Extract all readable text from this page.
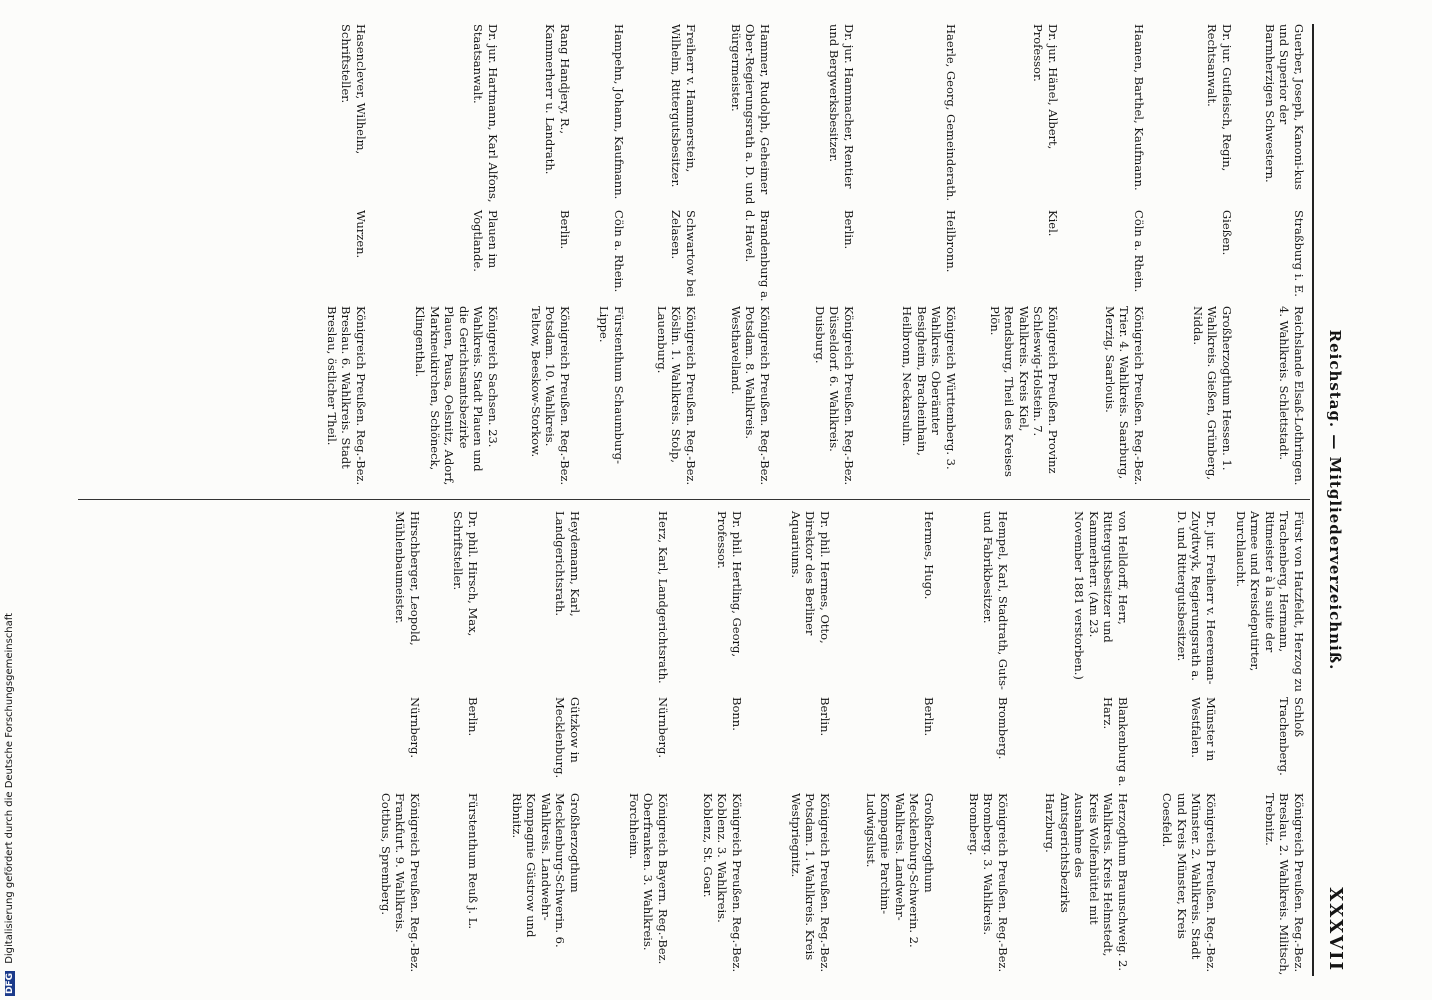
Reichstag. — Mitgliederverzeichniß.
XXXVII
Guerber, Joseph, Kanoni-kus und Superior der Barmherzigen Schwestern.
Straßburg i. E.
Reichslande Elsaß-Lothringen. 4. Wahlkreis. Schlettstadt.
Dr. jur. Gutfleisch, Regin, Rechtsanwalt.
Gießen.
Großherzogthum Hessen. 1. Wahlkreis. Gießen, Grünberg, Nidda.
Haanen, Barthel, Kaufmann.
Cöln a. Rhein.
Königreich Preußen. Reg.-Bez. Trier. 4. Wahlkreis. Saarburg, Merzig, Saarlouis.
Dr. jur. Hänel, Albert, Professor.
Kiel.
Königreich Preußen. Provinz Schleswig-Holstein. 7. Wahlkreis. Kreis Kiel, Rendsburg, Theil des Kreises Plön.
Haerle, Georg, Gemeinderath.
Heilbronn.
Königreich Württemberg. 3. Wahlkreis. Oberämter Besigheim, Bracheinhain, Heilbronn, Neckarsulm.
Dr. jur. Hammacher, Rentier und Bergwerksbesitzer.
Berlin.
Königreich Preußen. Reg.-Bez. Düsseldorf. 6. Wahlkreis. Duisburg.
Hammer, Rudolph, Geheimer Ober-Regierungsrath a. D. und Bürgermeister.
Brandenburg a. d. Havel.
Königreich Preußen. Reg.-Bez. Potsdam. 8. Wahlkreis. Westhavelland.
Freiherr v. Hammerstein, Wilhelm, Rittergutsbesitzer.
Schwartow bei Zelasen.
Königreich Preußen. Reg.-Bez. Köslin. 1. Wahlkreis. Stolp, Lauenburg.
Hampehn, Johann, Kaufmann.
Cöln a. Rhein.
Fürstenthum Schaumburg-Lippe.
Rang Handjery, R., Kammerherr u. Landrath.
Berlin.
Königreich Preußen. Reg.-Bez. Potsdam. 10. Wahlkreis. Teltow, Beeskow-Storkow.
Dr. jur. Hartmann, Karl Alfons, Staatsanwalt.
Plauen im Vogtlande.
Königreich Sachsen. 23. Wahlkreis. Stadt Plauen und die Gerichtsamtsbezirke Plauen, Pausa, Oelsnitz, Adorf, Markneukirchen, Schöneck, Klingenthal.
Hasenclever, Wilhelm, Schriftsteller.
Wurzen.
Königreich Preußen. Reg.-Bez. Breslau. 6. Wahlkreis. Stadt Breslau, östlicher Theil.
Fürst von Hatzfeldt, Herzog zu Trachenberg, Hermann, Ritmeister à la suite der Armee und Kreisdeputirter, Durchlaucht.
Schloß Trachenberg.
Königreich Preußen. Reg.-Bez. Breslau. 2. Wahlkreis. Militsch, Trebnitz.
Dr. jur. Freiherr v. Heereman-Zuydtwyk, Regierungsrath a. D. und Rittergutsbesitzer.
Münster in Westfalen.
Königreich Preußen. Reg.-Bez. Münster. 2. Wahlkreis. Stadt und Kreis Münster, Kreis Coesfeld.
von Helldorff, Herr, Rittergutsbesitzer und Kammerherr. (Am 23. November 1881 verstorben.)
Blankenburg a. Harz.
Herzogthum Braunschweig. 2. Wahlkreis. Kreis Helmstedt, Kreis Wolfenbüttel mit Ausnahme des Amtsgerichtsbezirks Harzburg.
Hempel, Karl, Stadtrath, Guts- und Fabrikbesitzer.
Bromberg.
Königreich Preußen. Reg.-Bez. Bromberg. 3. Wahlkreis. Bromberg.
Hermes, Hugo.
Berlin.
Großherzogthum Mecklenburg-Schwerin. 2. Wahlkreis. Landwehr-Kompagnie Parchim-Ludwigslust.
Dr. phil. Hermes, Otto, Direktor des Berliner Aquariums.
Berlin.
Königreich Preußen. Reg.-Bez. Potsdam. 1. Wahlkreis. Kreis Westpriegnitz.
Dr. phil. Hertling, Georg, Professor.
Bonn.
Königreich Preußen. Reg.-Bez. Koblenz. 3. Wahlkreis. Koblenz, St. Goar.
Herz, Karl, Landgerichtsrath.
Nürnberg.
Königreich Bayern. Reg.-Bez. Oberfranken. 3. Wahlkreis. Forchheim.
Heydemann, Karl, Landgerichtsrath.
Gützkow in Mecklenburg.
Großherzogthum Mecklenburg-Schwerin. 6. Wahlkreis. Landwehr-Kompagnie Güstrow und Ribnitz.
Dr. phil. Hirsch, Max, Schriftsteller.
Berlin.
Fürstenthum Reuß j. L.
Hirschberger, Leopold, Mühlenbaumeister.
Nürnberg.
Königreich Preußen. Reg.-Bez. Frankfurt. 9. Wahlkreis. Cottbus, Spremberg.
DFG Digitalisierung gefördert durch die Deutsche Forschungsgemeinschaft
